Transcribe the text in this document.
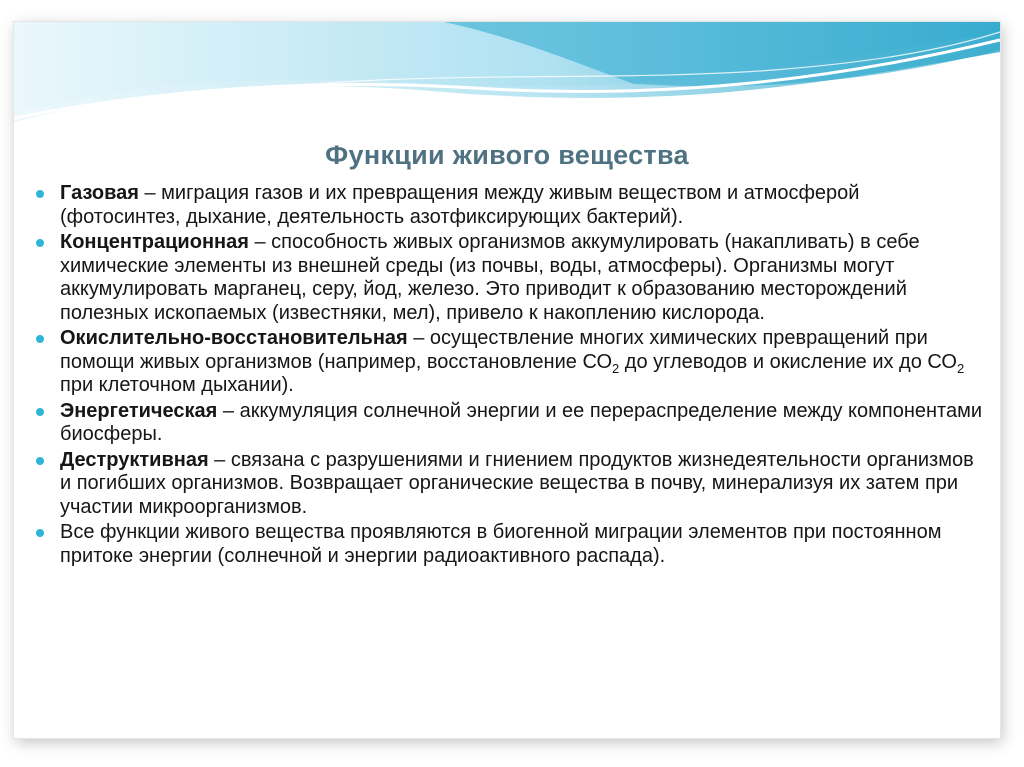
Функции живого вещества
Газовая – миграция газов и их превращения между живым веществом и атмосферой (фотосинтез, дыхание, деятельность азотфиксирующих бактерий).
Концентрационная – способность живых организмов аккумулировать (накапливать) в себе химические элементы из внешней среды (из почвы, воды, атмосферы). Организмы могут аккумулировать марганец, серу, йод, железо. Это приводит к образованию месторождений полезных ископаемых (известняки, мел), привело к накоплению кислорода.
Окислительно-восстановительная – осуществление многих химических превращений при помощи живых организмов (например, восстановление $СО_2$ до углеводов и окисление их до $СО_2$ при клеточном дыхании).
Энергетическая – аккумуляция солнечной энергии и ее перераспределение между компонентами биосферы.
Деструктивная – связана с разрушениями и гниением продуктов жизнедеятельности организмов и погибших организмов. Возвращает органические вещества в почву, минерализуя их затем при участии микроорганизмов.
Все функции живого вещества проявляются в биогенной миграции элементов при постоянном притоке энергии (солнечной и энергии радиоактивного распада).
